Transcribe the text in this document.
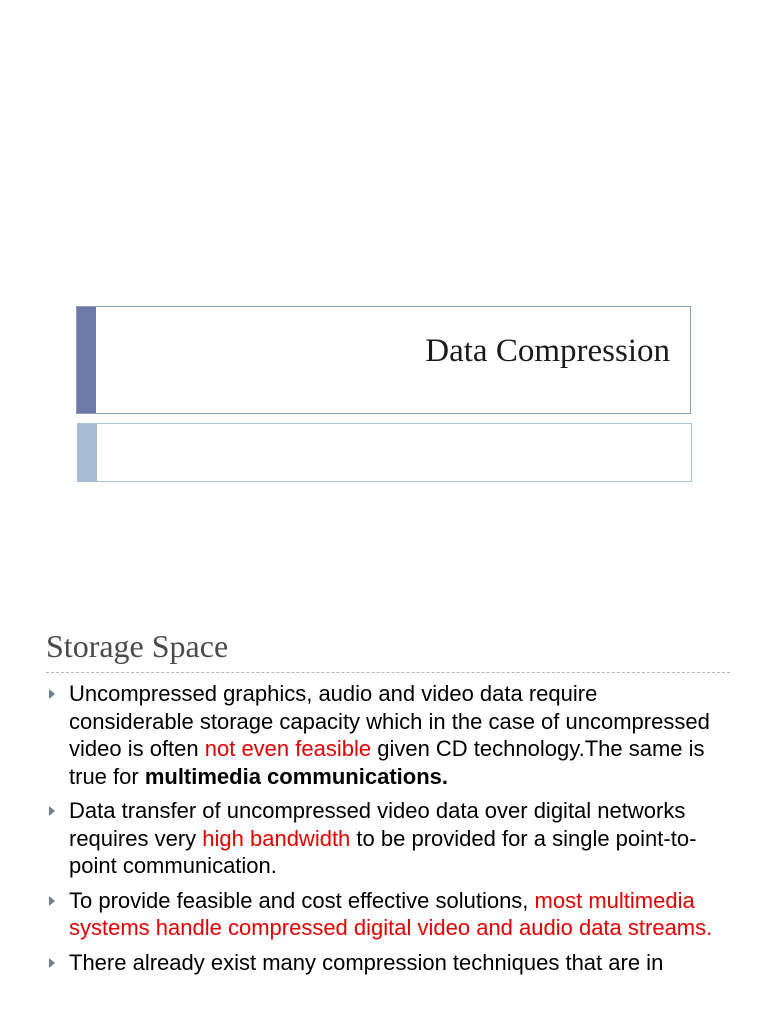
Data Compression
Storage Space
Uncompressed graphics, audio and video data require considerable storage capacity which in the case of uncompressed video is often not even feasible given CD technology.The same is true for multimedia communications.
Data transfer of uncompressed video data over digital networks requires very high bandwidth to be provided for a single point-to-point communication.
To provide feasible and cost effective solutions, most multimedia systems handle compressed digital video and audio data streams.
There already exist many compression techniques that are in
